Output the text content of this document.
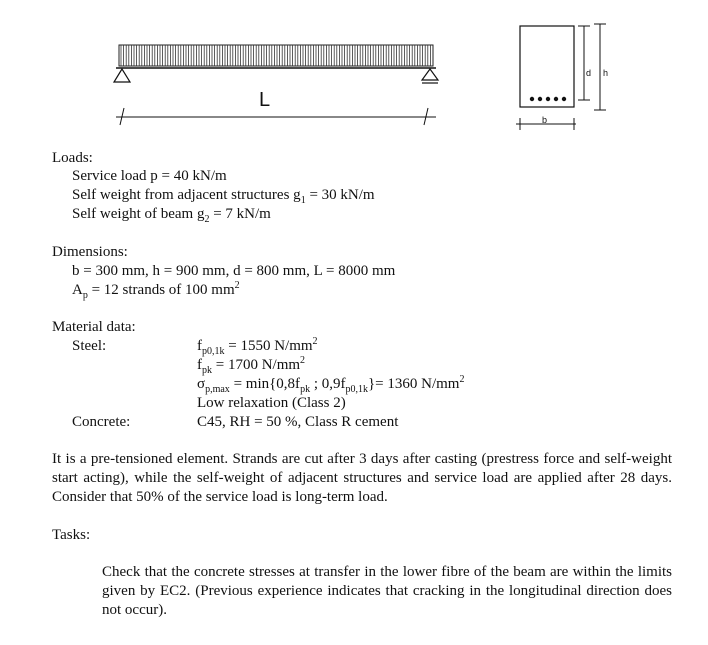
L
d h
b
Loads:
Service load p = 40 kN/m
Self weight from adjacent structures $g_1 = 30$ kN/m
Self weight of beam $g_2 = 7$ kN/m
Dimensions:
b = 300 mm, h = 900 mm, d = 800 mm, L = 8000 mm
$A_p = 12$ strands of 100 $mm^2$
Material data:
Steel:	$f_{p0,1k} = 1550$ $N/mm^2$
$f_{pk} = 1700$ $N/mm^2$
$\sigma_{p,max} = \min\{0,8f_{pk}$ ; $0,9f_{p0,1k}\}= 1360$ $N/mm^2$
Low relaxation (Class 2)
Concrete:	C45, RH = 50 %, Class R cement
It is a pre-tensioned element. Strands are cut after 3 days after casting (prestress force and self-weight start acting), while the self-weight of adjacent structures and service load are applied after 28 days. Consider that 50% of the service load is long-term load.
Tasks:
Check that the concrete stresses at transfer in the lower fibre of the beam are within the limits given by EC2. (Previous experience indicates that cracking in the longitudinal direction does not occur).
